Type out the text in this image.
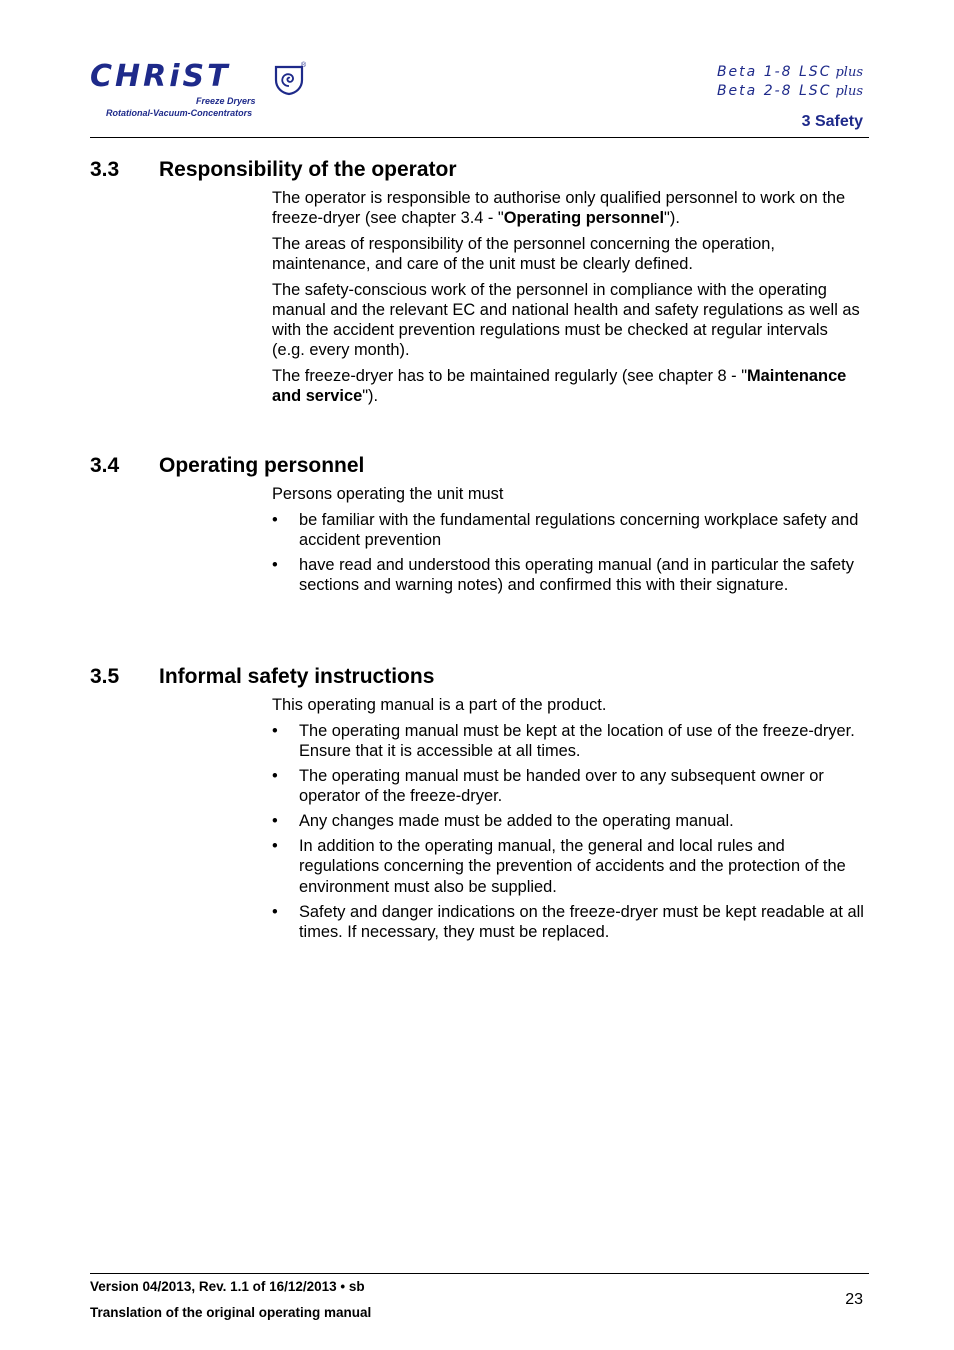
CHRiST	®
Freeze Dryers
Rotational-Vacuum-Concentrators
Beta 1-8 LSC plus
Beta 2-8 LSC plus
3 Safety
3.3 Responsibility of the operator

The operator is responsible to authorise only qualified personnel to work on the freeze-dryer (see chapter 3.4 - "Operating personnel").

The areas of responsibility of the personnel concerning the operation, maintenance, and care of the unit must be clearly defined.

The safety-conscious work of the personnel in compliance with the operating manual and the relevant EC and national health and safety regulations as well as with the accident prevention regulations must be checked at regular intervals (e.g. every month).

The freeze-dryer has to be maintained regularly (see chapter 8 - "Maintenance and service").

3.4 Operating personnel

Persons operating the unit must

• be familiar with the fundamental regulations concerning workplace safety and accident prevention
• have read and understood this operating manual (and in particular the safety sections and warning notes) and confirmed this with their signature.
3.5 Informal safety instructions

This operating manual is a part of the product.

• The operating manual must be kept at the location of use of the freeze-dryer. Ensure that it is accessible at all times.
• The operating manual must be handed over to any subsequent owner or operator of the freeze-dryer.
• Any changes made must be added to the operating manual.
• In addition to the operating manual, the general and local rules and regulations concerning the prevention of accidents and the protection of the environment must also be supplied.
• Safety and danger indications on the freeze-dryer must be kept readable at all times. If necessary, they must be replaced.
Version 04/2013, Rev. 1.1 of 16/12/2013 • sb
Translation of the original operating manual
23
